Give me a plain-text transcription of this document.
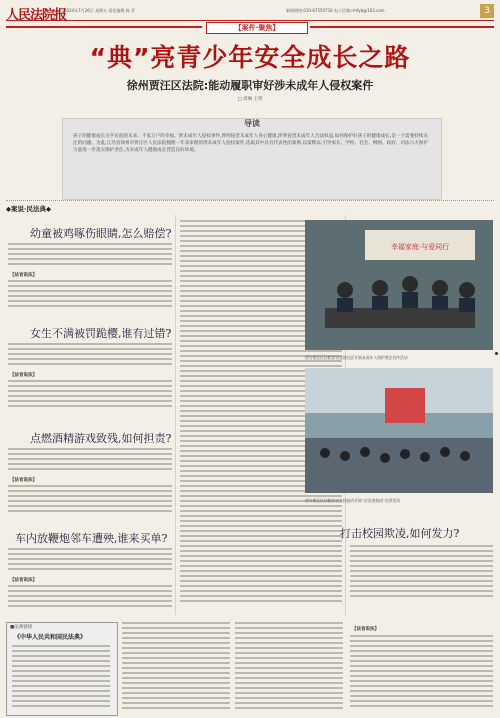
人民法院报
2024年7月26日 星期五 责任编辑 杨 芳	新闻热线:010-67550716 电子信箱:rmfyb@163.com	3
【案件·聚焦】
“典”亮青少年安全成长之路
徐州贾汪区法院:能动履职审好涉未成年人侵权案件
□ 周琳 王玥
导读
孩子的健康成长关乎民族的未来、千家万户的幸福。涉未成年人侵权事件,涉刑侵害未成年人身心健康,涉刑侵害未成年人合法权益,如何保护好孩子的健康成长,是一个需要持续关注的问题。为此,江苏省徐州市贾汪区人民法院梳理一年来审理的涉未成年人侵权案件,选取其中具有代表性的案例,以案释法,引导家长、学校、社会、网络、政府、司法六大保护力量进一步落实保护责任,为未成年人健康成长营造良好环境。
◆案说·民法典◆
幼童被鸡啄伤眼睛,怎么赔偿?
【法官说法】
女生不满被罚跪樱,谁有过错?
【法官说法】
点燃酒精游戏致残,如何担责?
【法官说法】
车内放鞭炮邻车遭殃,谁来买单?
【法官说法】
幸福家庭·与爱同行
图为贾汪区法院法官走进社区开展未成年人保护普法宣传活动
图为贾汪区法院法官在校园内开展“法治进校园”宣讲活动
打击校园欺凌,如何发力?
【法官说法】
■法条链接
《中华人民共和国民法典》
